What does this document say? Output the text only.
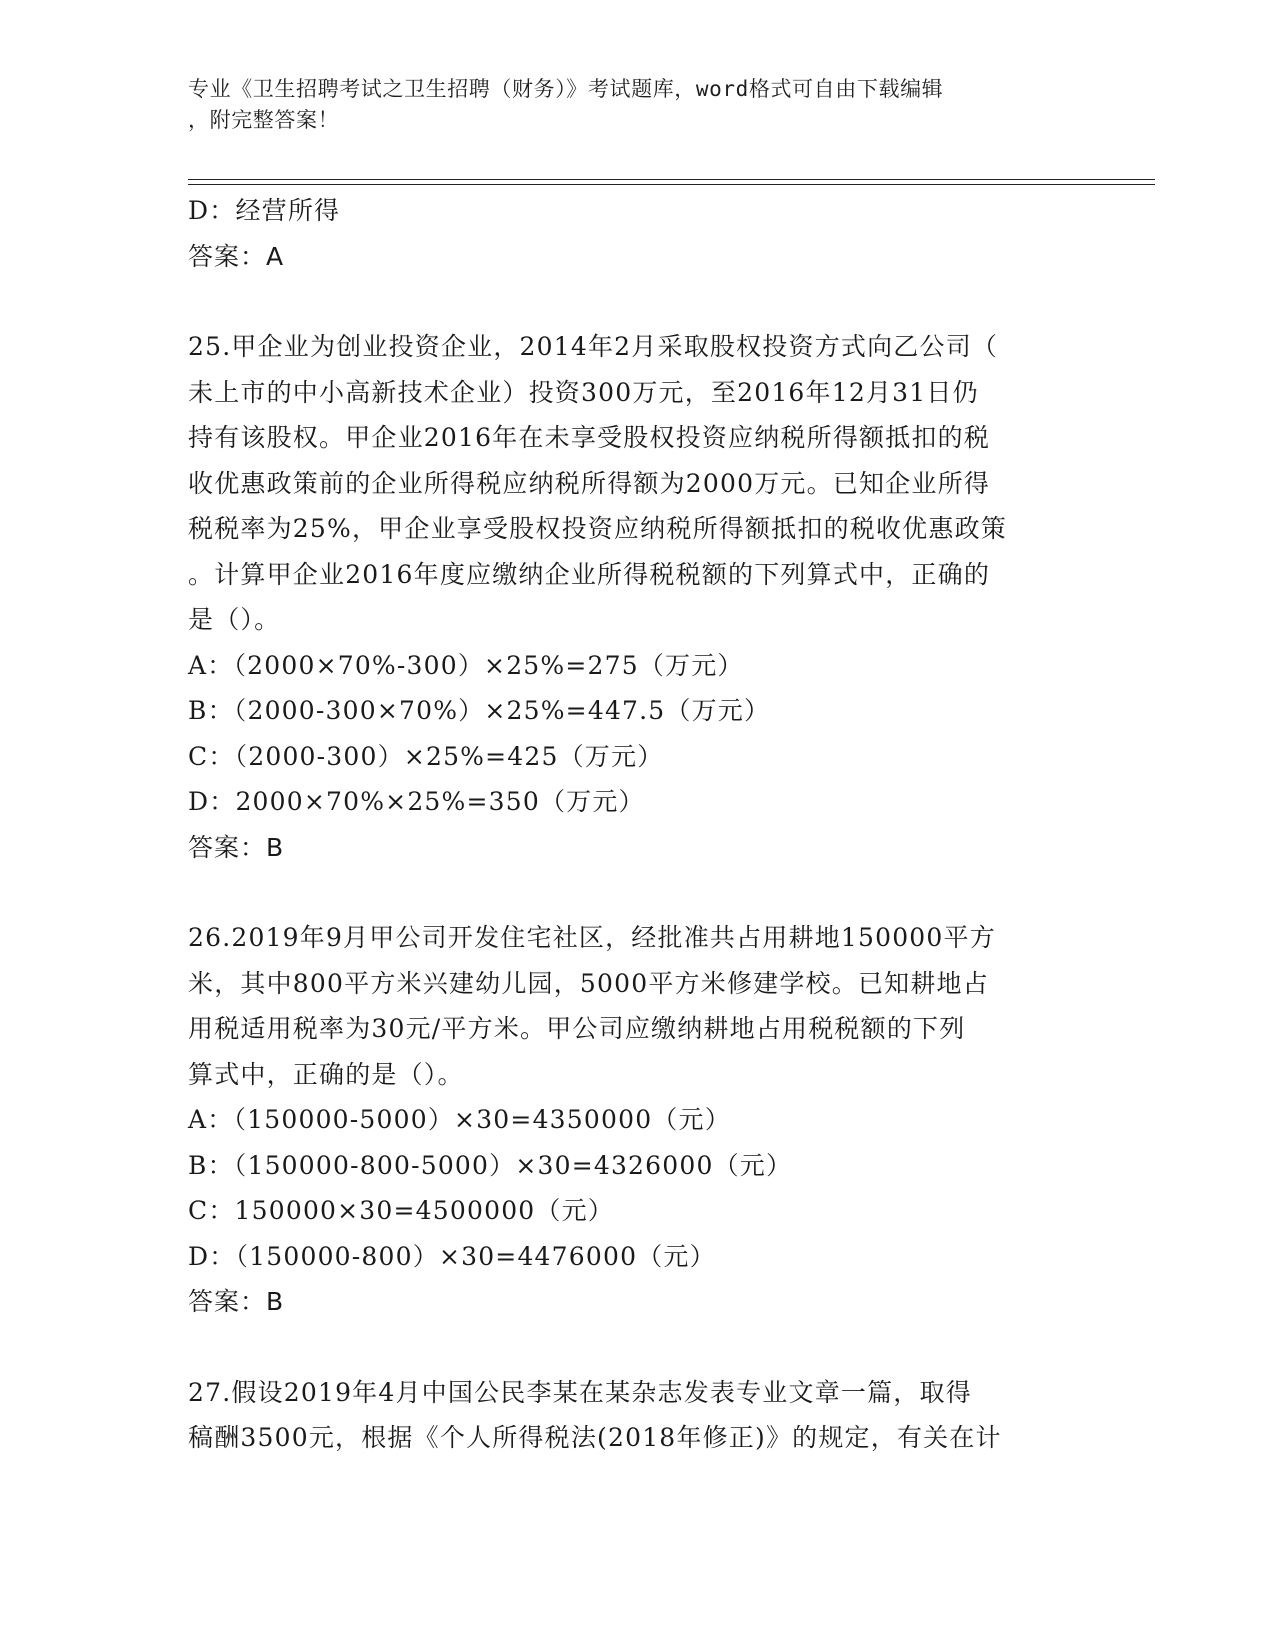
专业《卫生招聘考试之卫生招聘（财务）》考试题库，word格式可自由下载编辑
，附完整答案！
D：经营所得
答案：A
25.甲企业为创业投资企业，2014年2月采取股权投资方式向乙公司（
未上市的中小高新技术企业）投资300万元，至2016年12月31日仍
持有该股权。甲企业2016年在未享受股权投资应纳税所得额抵扣的税
收优惠政策前的企业所得税应纳税所得额为2000万元。已知企业所得
税税率为25%，甲企业享受股权投资应纳税所得额抵扣的税收优惠政策
。计算甲企业2016年度应缴纳企业所得税税额的下列算式中，正确的
是（）。
A：（2000×70%-300）×25%=275（万元）
B：（2000-300×70%）×25%=447.5（万元）
C：（2000-300）×25%=425（万元）
D：2000×70%×25%=350（万元）
答案：B
26.2019年9月甲公司开发住宅社区，经批准共占用耕地150000平方
米，其中800平方米兴建幼儿园，5000平方米修建学校。已知耕地占
用税适用税率为30元/平方米。甲公司应缴纳耕地占用税税额的下列
算式中，正确的是（）。
A：（150000-5000）×30=4350000（元）
B：（150000-800-5000）×30=4326000（元）
C：150000×30=4500000（元）
D：（150000-800）×30=4476000（元）
答案：B
27.假设2019年4月中国公民李某在某杂志发表专业文章一篇，取得
稿酬3500元，根据《个人所得税法(2018年修正)》的规定，有关在计
